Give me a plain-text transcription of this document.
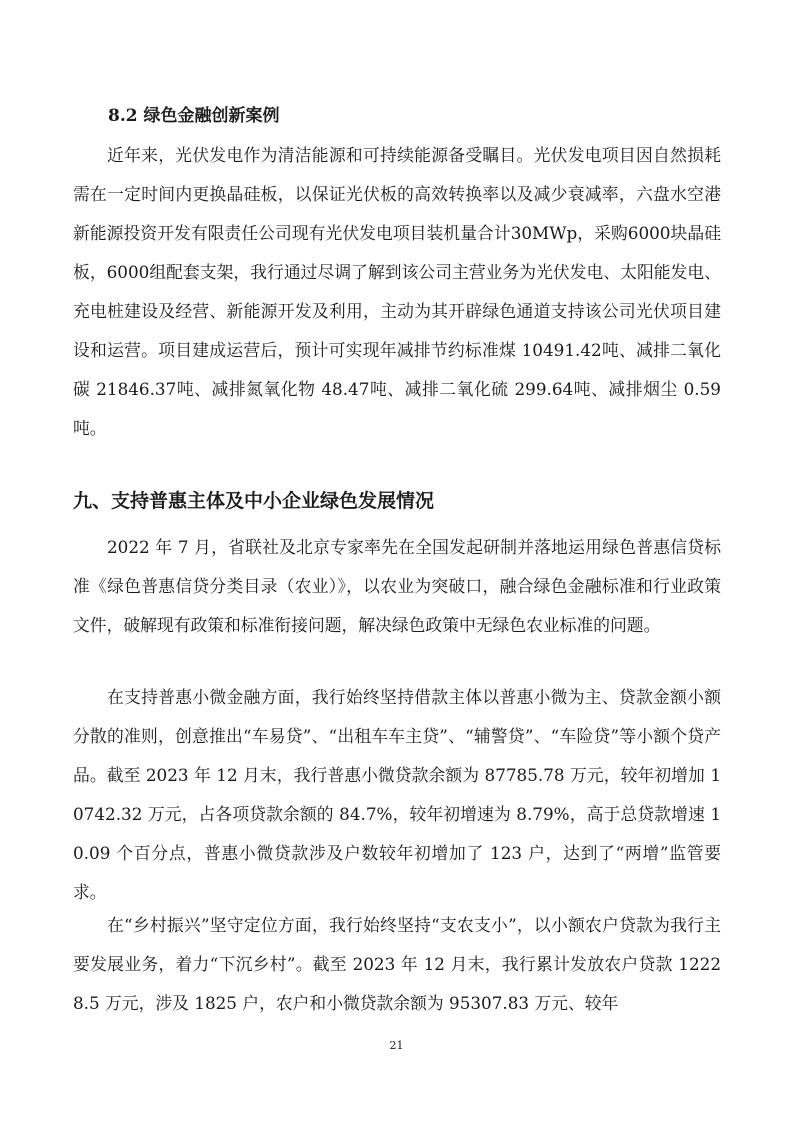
8.2 绿色金融创新案例

近年来，光伏发电作为清洁能源和可持续能源备受瞩目。光伏发电项目因自然损耗需在一定时间内更换晶硅板，以保证光伏板的高效转换率以及减少衰减率，六盘水空港新能源投资开发有限责任公司现有光伏发电项目装机量合计30MWp，采购6000块晶硅板，6000组配套支架，我行通过尽调了解到该公司主营业务为光伏发电、太阳能发电、充电桩建设及经营、新能源开发及利用，主动为其开辟绿色通道支持该公司光伏项目建设和运营。项目建成运营后，预计可实现年减排节约标准煤 10491.42吨、减排二氧化碳 21846.37吨、减排氮氧化物 48.47吨、减排二氧化硫 299.64吨、减排烟尘 0.59吨。

九、支持普惠主体及中小企业绿色发展情况

2022 年 7 月，省联社及北京专家率先在全国发起研制并落地运用绿色普惠信贷标准《绿色普惠信贷分类目录（农业）》，以农业为突破口，融合绿色金融标准和行业政策文件，破解现有政策和标准衔接问题，解决绿色政策中无绿色农业标准的问题。

在支持普惠小微金融方面，我行始终坚持借款主体以普惠小微为主、贷款金额小额分散的准则，创意推出“车易贷”、“出租车车主贷”、“辅警贷”、“车险贷”等小额个贷产品。截至 2023 年 12 月末，我行普惠小微贷款余额为 87785.78 万元，较年初增加 10742.32 万元，占各项贷款余额的 84.7%，较年初增速为 8.79%，高于总贷款增速 10.09 个百分点，普惠小微贷款涉及户数较年初增加了 123 户，达到了“两增”监管要求。

在“乡村振兴”坚守定位方面，我行始终坚持“支农支小”，以小额农户贷款为我行主要发展业务，着力“下沉乡村”。截至 2023 年 12 月末，我行累计发放农户贷款 12228.5 万元，涉及 1825 户，农户和小微贷款余额为 95307.83 万元、较年

21
